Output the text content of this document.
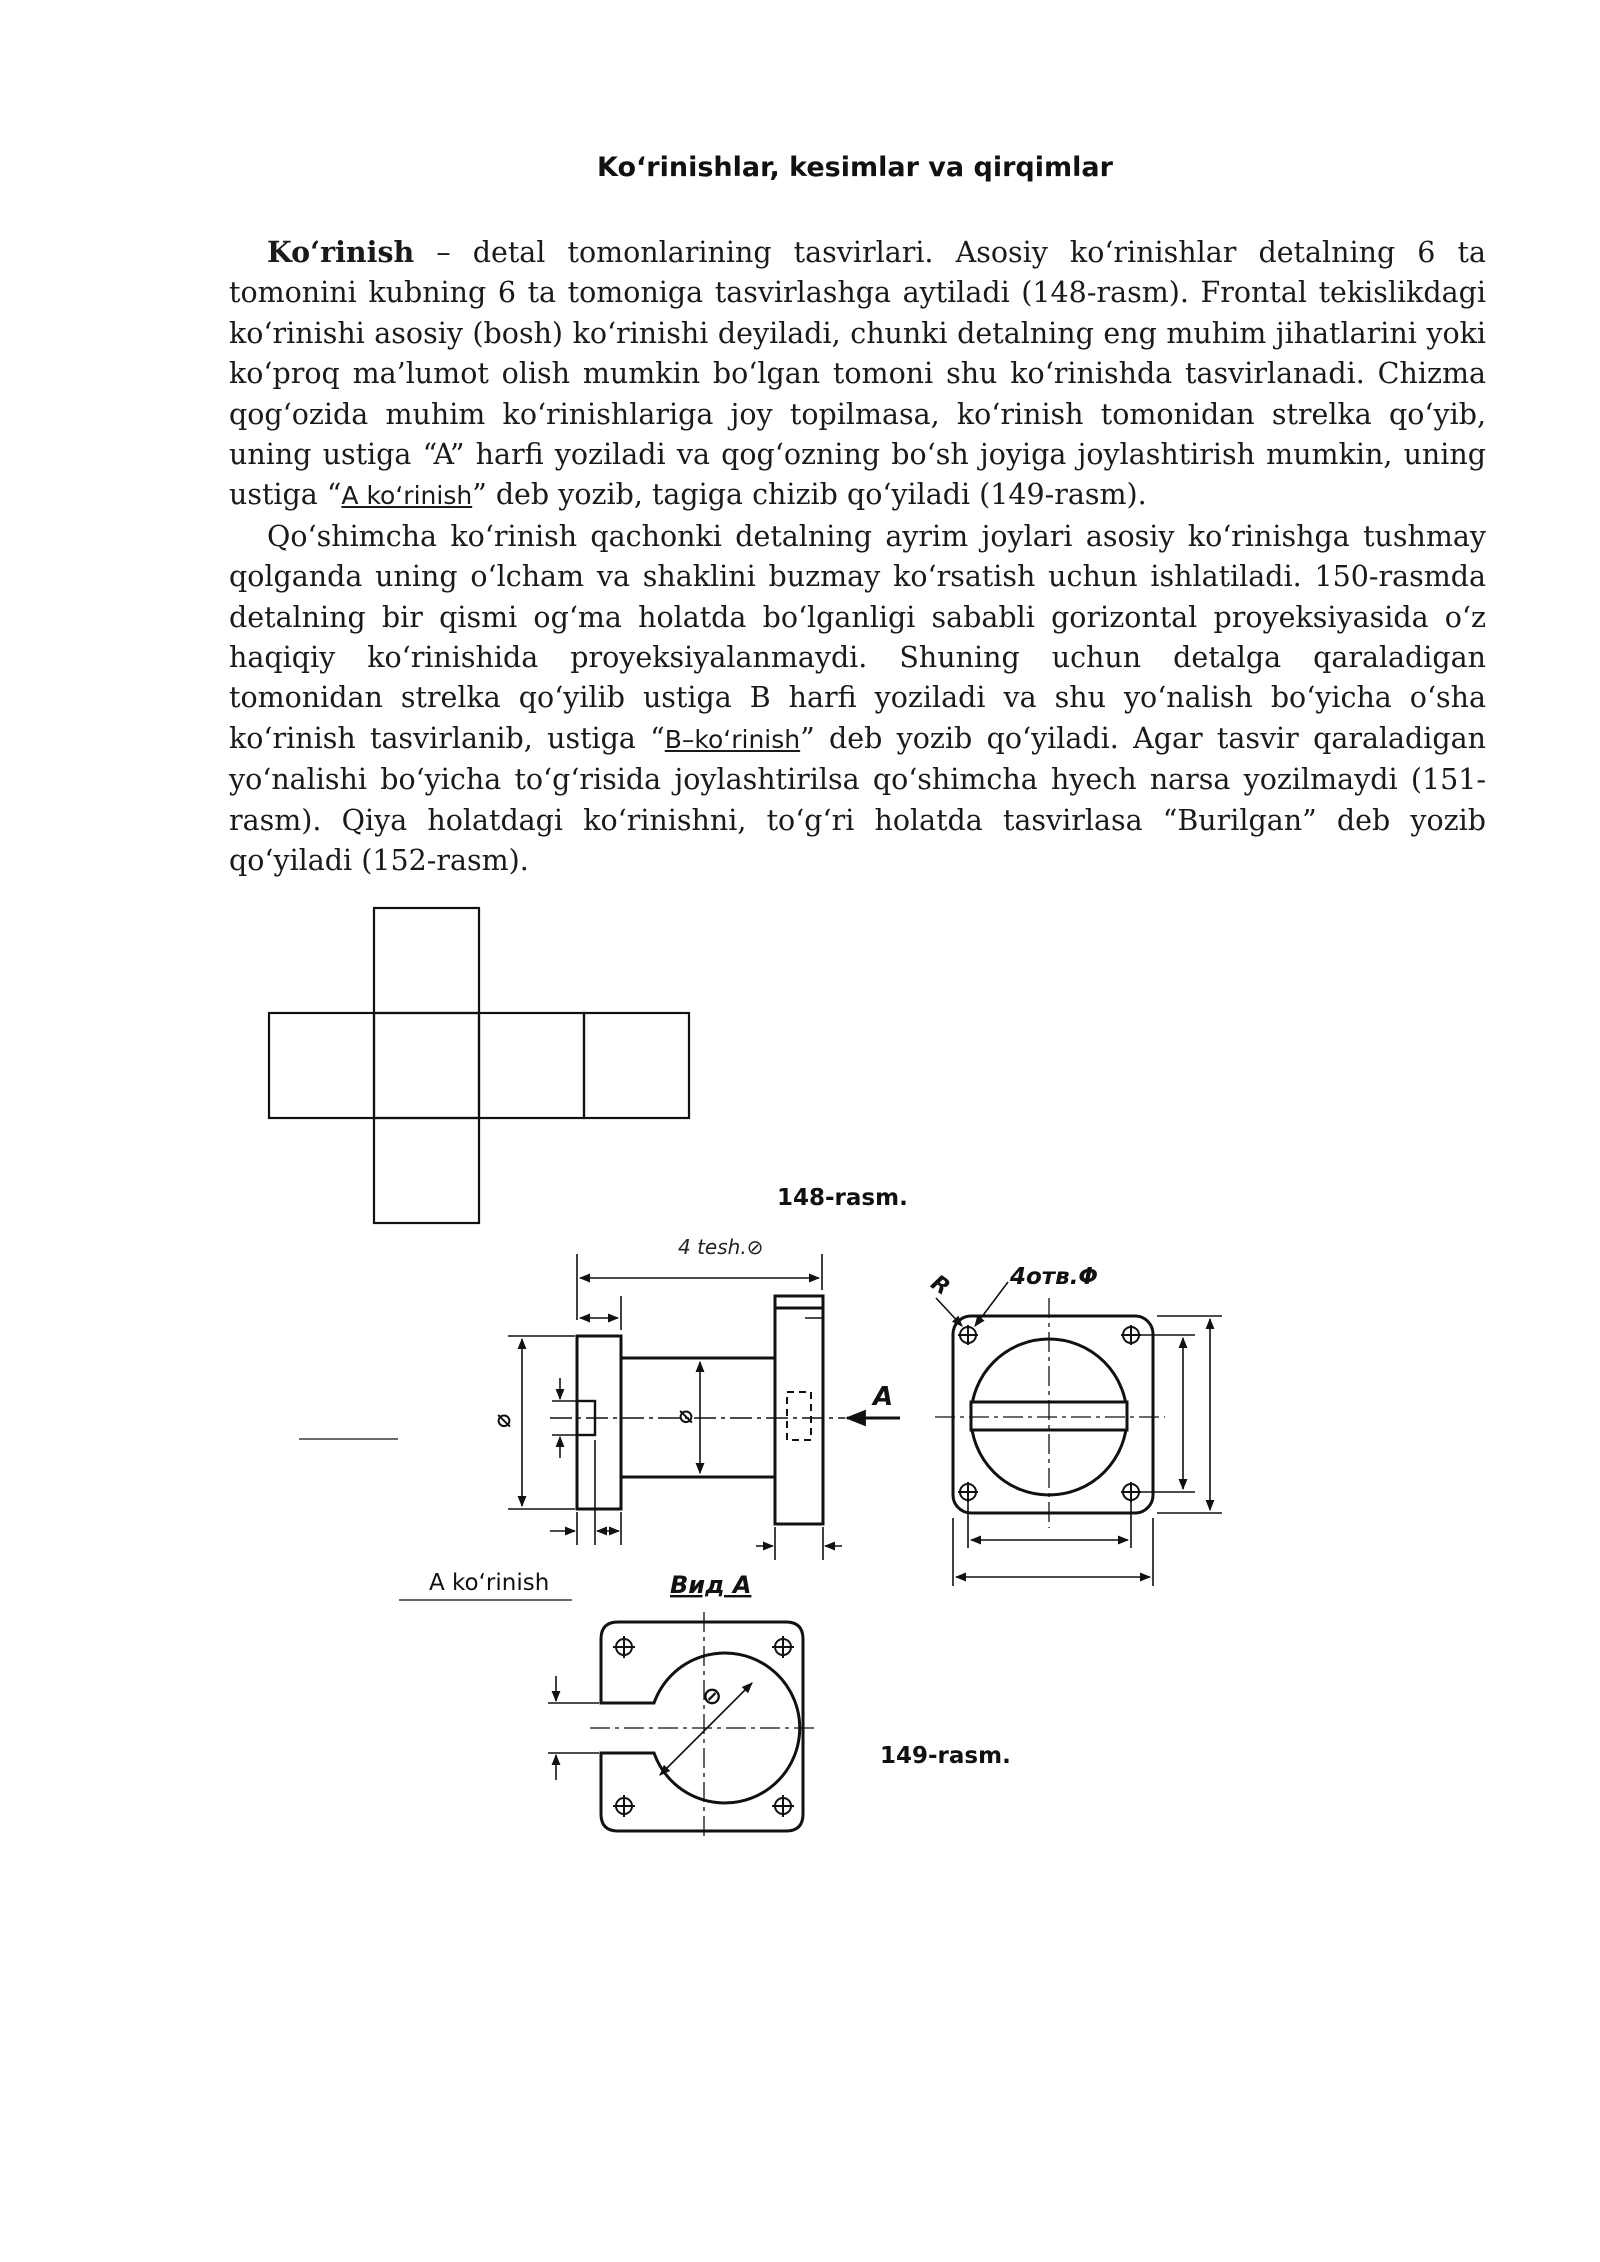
Ko‘rinishlar, kesimlar va qirqimlar

Ko‘rinish – detal tomonlarining tasvirlari. Asosiy ko‘rinishlar detalning 6 ta tomonini kubning 6 ta tomoniga tasvirlashga aytiladi (148-rasm). Frontal tekislikdagi ko‘rinishi asosiy (bosh) ko‘rinishi deyiladi, chunki detalning eng muhim jihatlarini yoki ko‘proq ma’lumot olish mumkin bo‘lgan tomoni shu ko‘rinishda tasvirlanadi. Chizma qog‘ozida muhim ko‘rinishlariga joy topilmasa, ko‘rinish tomonidan strelka qo‘yib, uning ustiga “A” harfi yoziladi va qog‘ozning bo‘sh joyiga joylashtirish mumkin, uning ustiga “A ko‘rinish” deb yozib, tagiga chizib qo‘yiladi (149-rasm).

Qo‘shimcha ko‘rinish qachonki detalning ayrim joylari asosiy ko‘rinishga tushmay qolganda uning o‘lcham va shaklini buzmay ko‘rsatish uchun ishlatiladi. 150-rasmda detalning bir qismi og‘ma holatda bo‘lganligi sababli gorizontal proyeksiyasida o‘z haqiqiy ko‘rinishida proyeksiyalanmaydi. Shuning uchun detalga qaraladigan tomonidan strelka qo‘yilib ustiga B harfi yoziladi va shu yo‘nalish bo‘yicha o‘sha ko‘rinish tasvirlanib, ustiga “B–ko‘rinish” deb yozib qo‘yiladi. Agar tasvir qaraladigan yo‘nalishi bo‘yicha to‘g‘risida joylashtirilsa qo‘shimcha hyech narsa yozilmaydi (151-rasm). Qiya holatdagi ko‘rinishni, to‘g‘ri holatda tasvirlasa “Burilgan” deb yozib qo‘yiladi (152-rasm).

148-rasm.
⌀	⌀
A
R 4отв.Φ
⊘
Вид А
4 tesh.⊘
A ko‘rinish
149-rasm.
